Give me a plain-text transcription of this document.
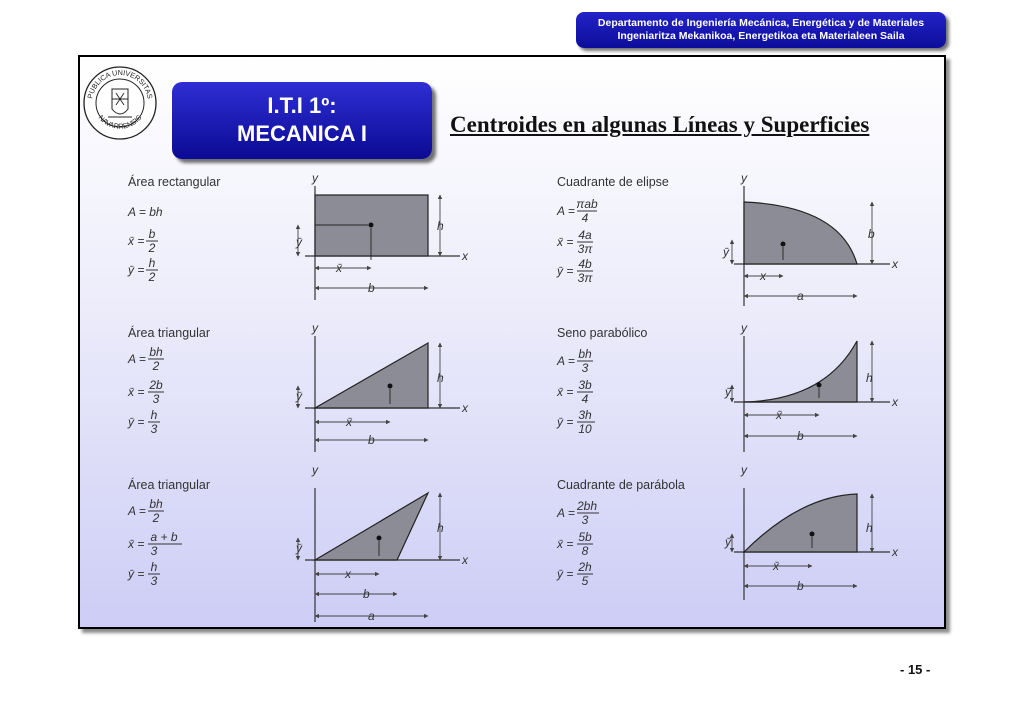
Departamento de Ingeniería Mecánica, Energética y de Materiales
Ingeniaritza Mekanikoa, Energetikoa eta Materialeen Saila
PUBLICA UNIVERSITAS
NAVARRENSIS	I.T.I 1º:
MECANICA I	Centroides en algunas Líneas y Superficies
Área rectangular
A = bh
x̄ = b
2
ȳ = h
2
y
x
h
ȳ
x̄
b
Área triangular
A = bh
2
x̄ = 2b
3
ȳ = h
3
y
x
h
ȳ
x̄
b
Área triangular
A = bh
2
x̄ = a + b
3
ȳ = h
3
y
x
h
ȳ
x
b
a
Cuadrante de elipse
A = πab
4
x̄ = 4a
3π
ȳ = 4b
3π
y
x
b
ȳ
x
a
Seno parabólico
A = bh
3
x̄ = 3b
4
ȳ = 3h
10
y
x
h
ȳ
x̄
b
Cuadrante de parábola
A = 2bh
3
x̄ = 5b
8
ȳ = 2h
5
y
x
h
ȳ
x̄
b
- 15 -
